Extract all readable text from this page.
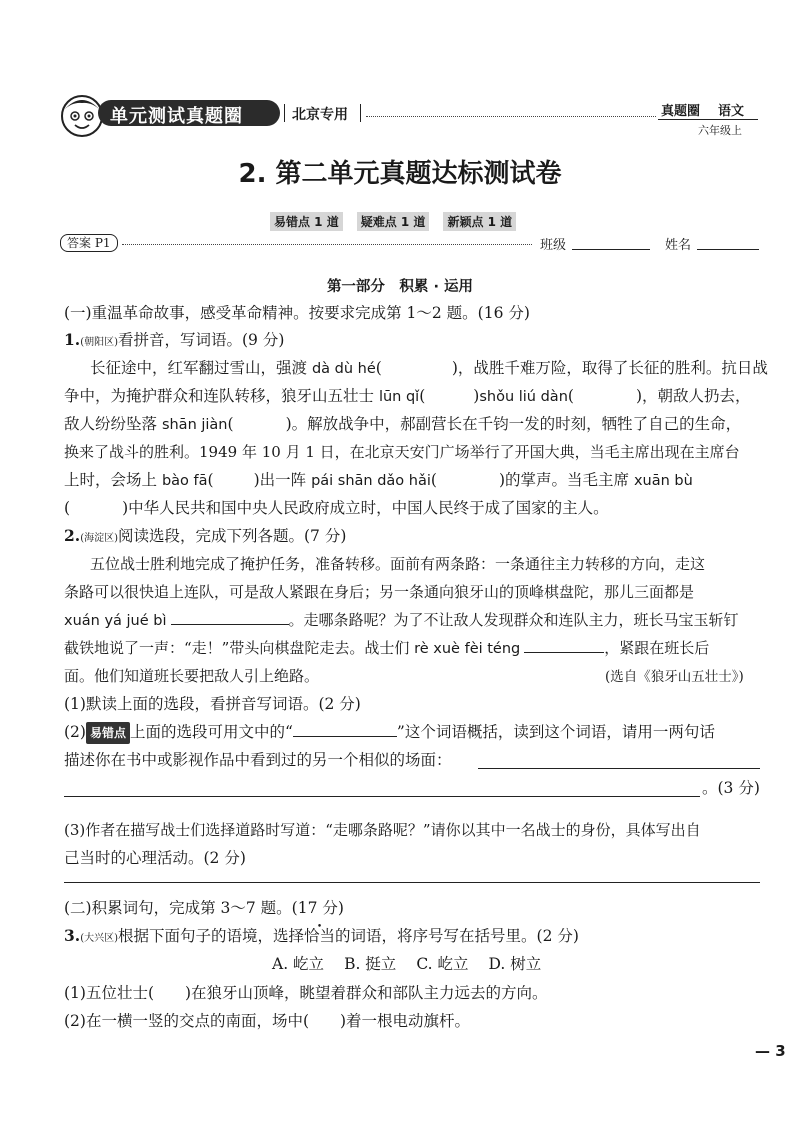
单元测试真题圈	北京专用	真题圈 语文
六年级上
2. 第二单元真题达标测试卷
易错点 1 道	疑难点 1 道	新颖点 1 道
答案 P1	班级	姓名
第一部分　积累 · 运用
(一)重温革命故事，感受革命精神。按要求完成第 1～2 题。(16 分)
1.(朝阳区)看拼音，写词语。(9 分)
长征途中，红军翻过雪山，强渡 dà dù hé(	)，战胜千难万险，取得了长征的胜利。抗日战
争中，为掩护群众和连队转移，狼牙山五壮士 lūn qǐ(	)shǒu liú dàn(	)，朝敌人扔去，
敌人纷纷坠落 shān jiàn(	)。解放战争中，郝副营长在千钧一发的时刻，牺牲了自己的生命，
换来了战斗的胜利。1949 年 10 月 1 日，在北京天安门广场举行了开国大典，当毛主席出现在主席台
上时，会场上 bào fā(	)出一阵 pái shān dǎo hǎi(	)的掌声。当毛主席 xuān bù
(	)中华人民共和国中央人民政府成立时，中国人民终于成了国家的主人。
2.(海淀区)阅读选段，完成下列各题。(7 分)
五位战士胜利地完成了掩护任务，准备转移。面前有两条路：一条通往主力转移的方向，走这
条路可以很快追上连队，可是敌人紧跟在身后；另一条通向狼牙山的顶峰棋盘陀，那儿三面都是
xuán yá jué bì	。走哪条路呢？为了不让敌人发现群众和连队主力，班长马宝玉斩钉
截铁地说了一声：“走！”带头向棋盘陀走去。战士们 rè xuè fèi téng	，紧跟在班长后
面。他们知道班长要把敌人引上绝路。	(选自《狼牙山五壮士》)
(1)默读上面的选段，看拼音写词语。(2 分)
(2) 易错点 上面的选段可用文中的“	”这个词语概括，读到这个词语，请用一两句话
描述你在书中或影视作品中看到过的另一个相似的场面：
。(3 分)
(3)作者在描写战士们选择道路时写道：“走哪条路呢？”请你以其中一名战士的身份，具体写出自
己当时的心理活动。(2 分)
(二)积累词句，完成第 3～7 题。(17 分)
3.(大兴区)根据下面句子的语境，选择恰当的词语，将序号写在括号里。(2 分)
A. 屹立 B. 挺立 C. 屹立 D. 树立
(1)五位壮士(　　)在狼牙山顶峰，眺望着群众和部队主力远去的方向。
(2)在一横一竖的交点的南面，场中(　　)着一根电动旗杆。
— 3
